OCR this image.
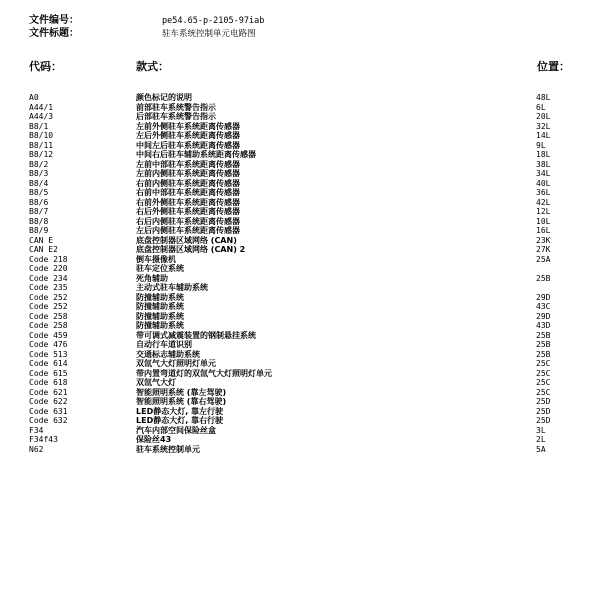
文件编号：	pe54.65-p-2105-97iab
文件标题：	驻车系统控制单元电路图
代码：	款式：	位置：
A0	颜色标记的说明	48L
A44/1	前部驻车系统警告指示	6L
A44/3	后部驻车系统警告指示	20L
B8/1	左前外侧驻车系统距离传感器	32L
B8/10	左后外侧驻车系统距离传感器	14L
B8/11	中间左后驻车系统距离传感器	9L
B8/12	中间右后驻车辅助系统距离传感器	18L
B8/2	左前中部驻车系统距离传感器	38L
B8/3	左前内侧驻车系统距离传感器	34L
B8/4	右前内侧驻车系统距离传感器	40L
B8/5	右前中部驻车系统距离传感器	36L
B8/6	右前外侧驻车系统距离传感器	42L
B8/7	右后外侧驻车系统距离传感器	12L
B8/8	右后内侧驻车系统距离传感器	10L
B8/9	左后内侧驻车系统距离传感器	16L
CAN E	底盘控制器区域网络 (CAN)	23K
CAN E2	底盘控制器区域网络 (CAN) 2	27K
Code 218	倒车摄像机	25A
Code 220	驻车定位系统
Code 234	死角辅助	25B
Code 235	主动式驻车辅助系统
Code 252	防撞辅助系统	29D
Code 252	防撞辅助系统	43C
Code 258	防撞辅助系统	29D
Code 258	防撞辅助系统	43D
Code 459	带可调式减震装置的钢制悬挂系统	25B
Code 476	自动行车道识别	25B
Code 513	交通标志辅助系统	25B
Code 614	双氙气大灯照明灯单元	25C
Code 615	带内置弯道灯的双氙气大灯照明灯单元	25C
Code 618	双氙气大灯	25C
Code 621	智能照明系统 (靠左驾驶)	25C
Code 622	智能照明系统 (靠右驾驶)	25D
Code 631	LED静态大灯, 靠左行驶	25D
Code 632	LED静态大灯, 靠右行驶	25D
F34	汽车内部空间保险丝盒	3L
F34f43	保险丝43	2L
N62	驻车系统控制单元	5A
